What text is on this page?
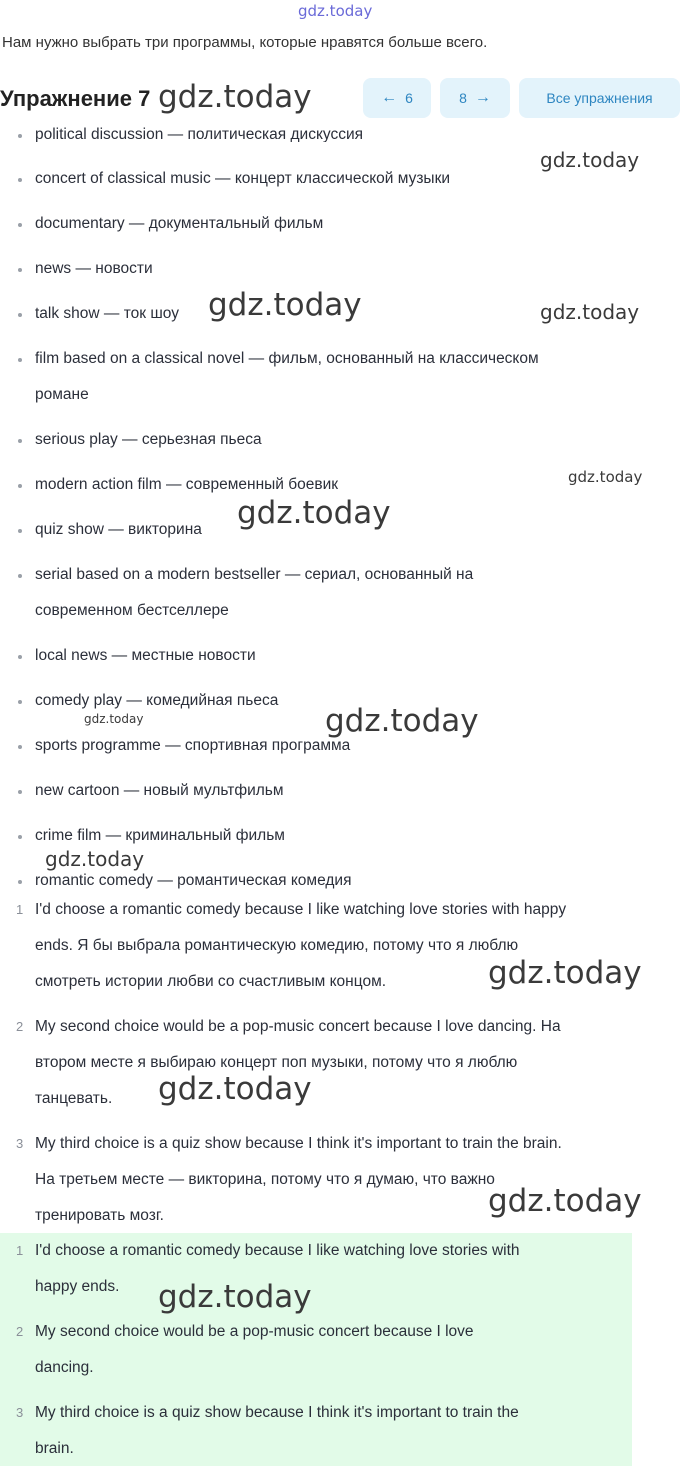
gdz.today
Нам нужно выбрать три программы, которые нравятся больше всего.
Упражнение 7	← 6	8 →	Все упражнения
political discussion — политическая дискуссия
concert of classical music — концерт классической музыки
documentary — документальный фильм
news — новости
talk show — ток шоу
film based on a classical novel — фильм, основанный на классическом
романе
serious play — серьезная пьеса
modern action film — современный боевик
quiz show — викторина
serial based on a modern bestseller — сериал, основанный на
современном бестселлере
local news — местные новости
comedy play — комедийная пьеса
sports programme — спортивная программа
new cartoon — новый мультфильм
crime film — криминальный фильм
romantic comedy — романтическая комедия
1 I'd choose a romantic comedy because I like watching love stories with happy
ends. Я бы выбрала романтическую комедию, потому что я люблю
смотреть истории любви со счастливым концом.
2 My second choice would be a pop-music concert because I love dancing. На
втором месте я выбираю концерт поп музыки, потому что я люблю
танцевать.
3 My third choice is a quiz show because I think it's important to train the brain.
На третьем месте — викторина, потому что я думаю, что важно
тренировать мозг.
1 I'd choose a romantic comedy because I like watching love stories with
happy ends.
2 My second choice would be a pop-music concert because I love
dancing.
3 My third choice is a quiz show because I think it's important to train the
brain.
gdz.today
gdz.today
gdz.today	gdz.today
gdz.today
gdz.today
gdz.today	gdz.today
gdz.today
gdz.today
gdz.today
gdz.today
gdz.today
